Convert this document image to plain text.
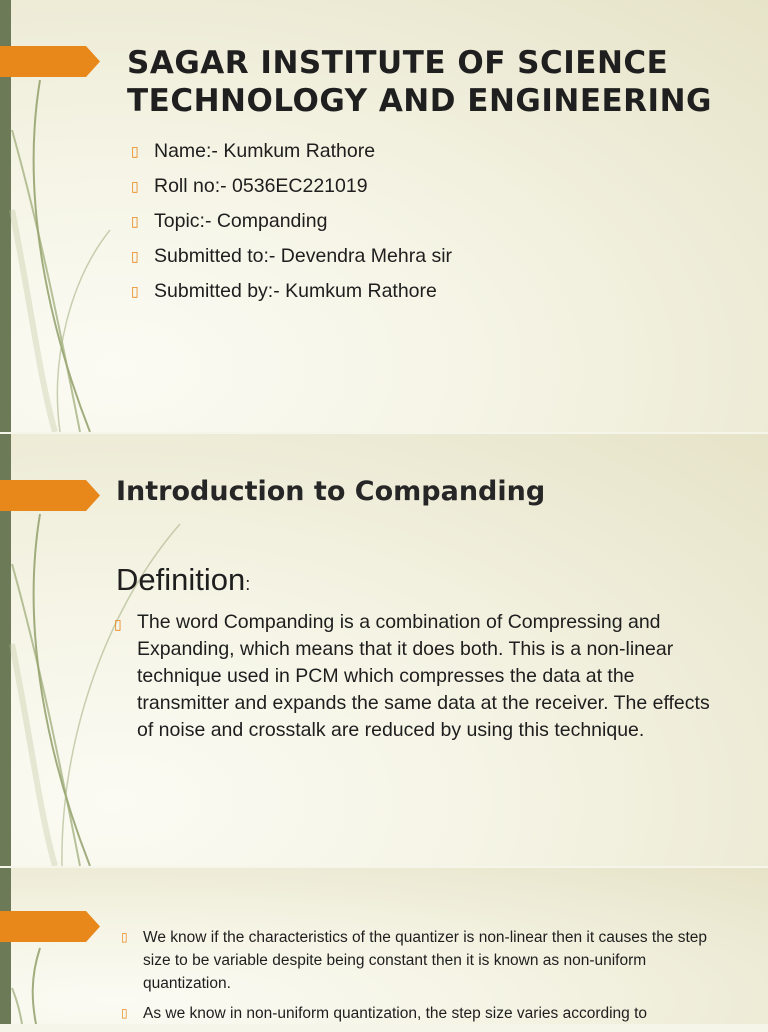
SAGAR INSTITUTE OF SCIENCE TECHNOLOGY AND ENGINEERING
▯ Name:- Kumkum Rathore
▯ Roll no:- 0536EC221019
▯ Topic:- Companding
▯ Submitted to:- Devendra Mehra sir
▯ Submitted by:- Kumkum Rathore
Introduction to Companding
Definition:
▯ The word Companding is a combination of Compressing and Expanding, which means that it does both. This is a non-linear technique used in PCM which compresses the data at the transmitter and expands the same data at the receiver. The effects of noise and crosstalk are reduced by using this technique.
▯ We know if the characteristics of the quantizer is non-linear then it causes the step size to be variable despite being constant then it is known as non-uniform quantization.
▯ As we know in non-uniform quantization, the step size varies according to
